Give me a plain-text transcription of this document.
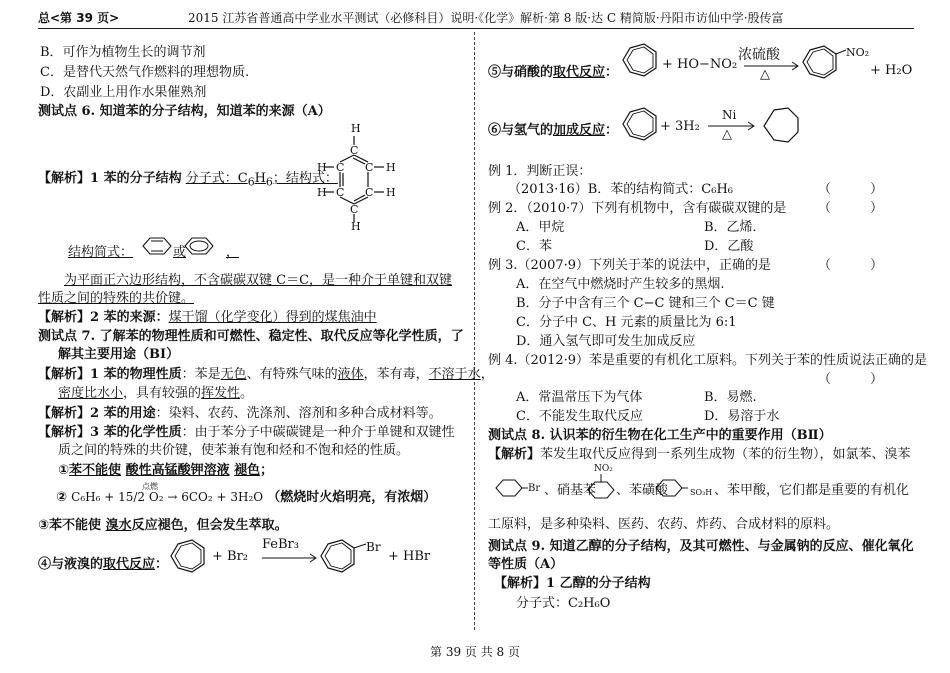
总<第 39 页>	2015 江苏省普通高中学业水平测试（必修科目）说明·《化学》解析·第 8 版·达 C 精简版·丹阳市访仙中学·殷传富
B．可作为植物生长的调节剂
C．是替代天然气作燃料的理想物质.
D．农副业上用作水果催熟剂
测试点 6. 知道苯的分子结构，知道苯的来源（A）
【解析】1 苯的分子结构 分子式：$C_6H_6$；结构式：
H
C
C
C
C
C
C
H
H
H
H
H
结构简式：	或	，
为平面正六边形结构，不含碳碳双键 C＝C，是一种介于单键和双键
性质之间的特殊的共价键。
【解析】2 苯的来源：煤干馏（化学变化）得到的煤焦油中
测试点 7. 了解苯的物理性质和可燃性、稳定性、取代反应等化学性质，了
解其主要用途（BⅠ）
【解析】1 苯的物理性质：苯是无色、有特殊气味的液体，苯有毒，不溶于水，
密度比水小，具有较强的挥发性。
【解析】2 苯的用途：染料、农药、洗涤剂、溶剂和多种合成材料等。
【解析】3 苯的化学性质：由于苯分子中碳碳键是一种介于单键和双键性
质之间的特殊的共价键，使苯兼有饱和烃和不饱和烃的性质。
①苯不能使 酸性高锰酸钾溶液 褪色；
② C₆H₆ + 15/2 O₂ → 6CO₂ + 3H₂O （燃烧时火焰明亮，有浓烟）
点燃
③苯不能使 溴水反应褪色，但会发生萃取。
④与液溴的取代反应：
+ Br₂
FeBr₃	Br
+ HBr
⑤与硝酸的取代反应：
+ HO−NO₂
浓硫酸
△
NO₂
+ H₂O
⑥与氢气的加成反应：	+ 3H₂
Ni
△
例 1．判断正误：
（2013·16）B．苯的结构简式：C₆H₆	（　　　）
例 2．（2010·7）下列有机物中，含有碳碳双键的是 （　　　）
A．甲烷	B．乙烯．
C．苯	D．乙酸
例 3.（2007·9）下列关于苯的说法中，正确的是	（　　　）
A．在空气中燃烧时产生较多的黑烟.
B．分子中含有三个 C−C 键和三个 C＝C 键
C．分子中 C、H 元素的质量比为 6:1
D．通入氢气即可发生加成反应
例 4.（2012·9）苯是重要的有机化工原料。下列关于苯的性质说法正确的是
（　　　）
A．常温常压下为气体	B．易燃.
C．不能发生取代反应	D．易溶于水
测试点 8. 认识苯的衍生物在化工生产中的重要作用（BⅡ）
【解析】苯发生取代反应得到一系列生成物（苯的衍生物），如氯苯、溴苯
Br 、硝基苯
NO₂
、苯磺酸	SO₃H 、苯甲酸，它们都是重要的有机化
工原料，是多种染料、医药、农药、炸药、合成材料的原料。
测试点 9. 知道乙醇的分子结构，及其可燃性、与金属钠的反应、催化氧化
等性质（A）
【解析】1 乙醇的分子结构
分子式：C₂H₆O
第 39 页 共 8 页
